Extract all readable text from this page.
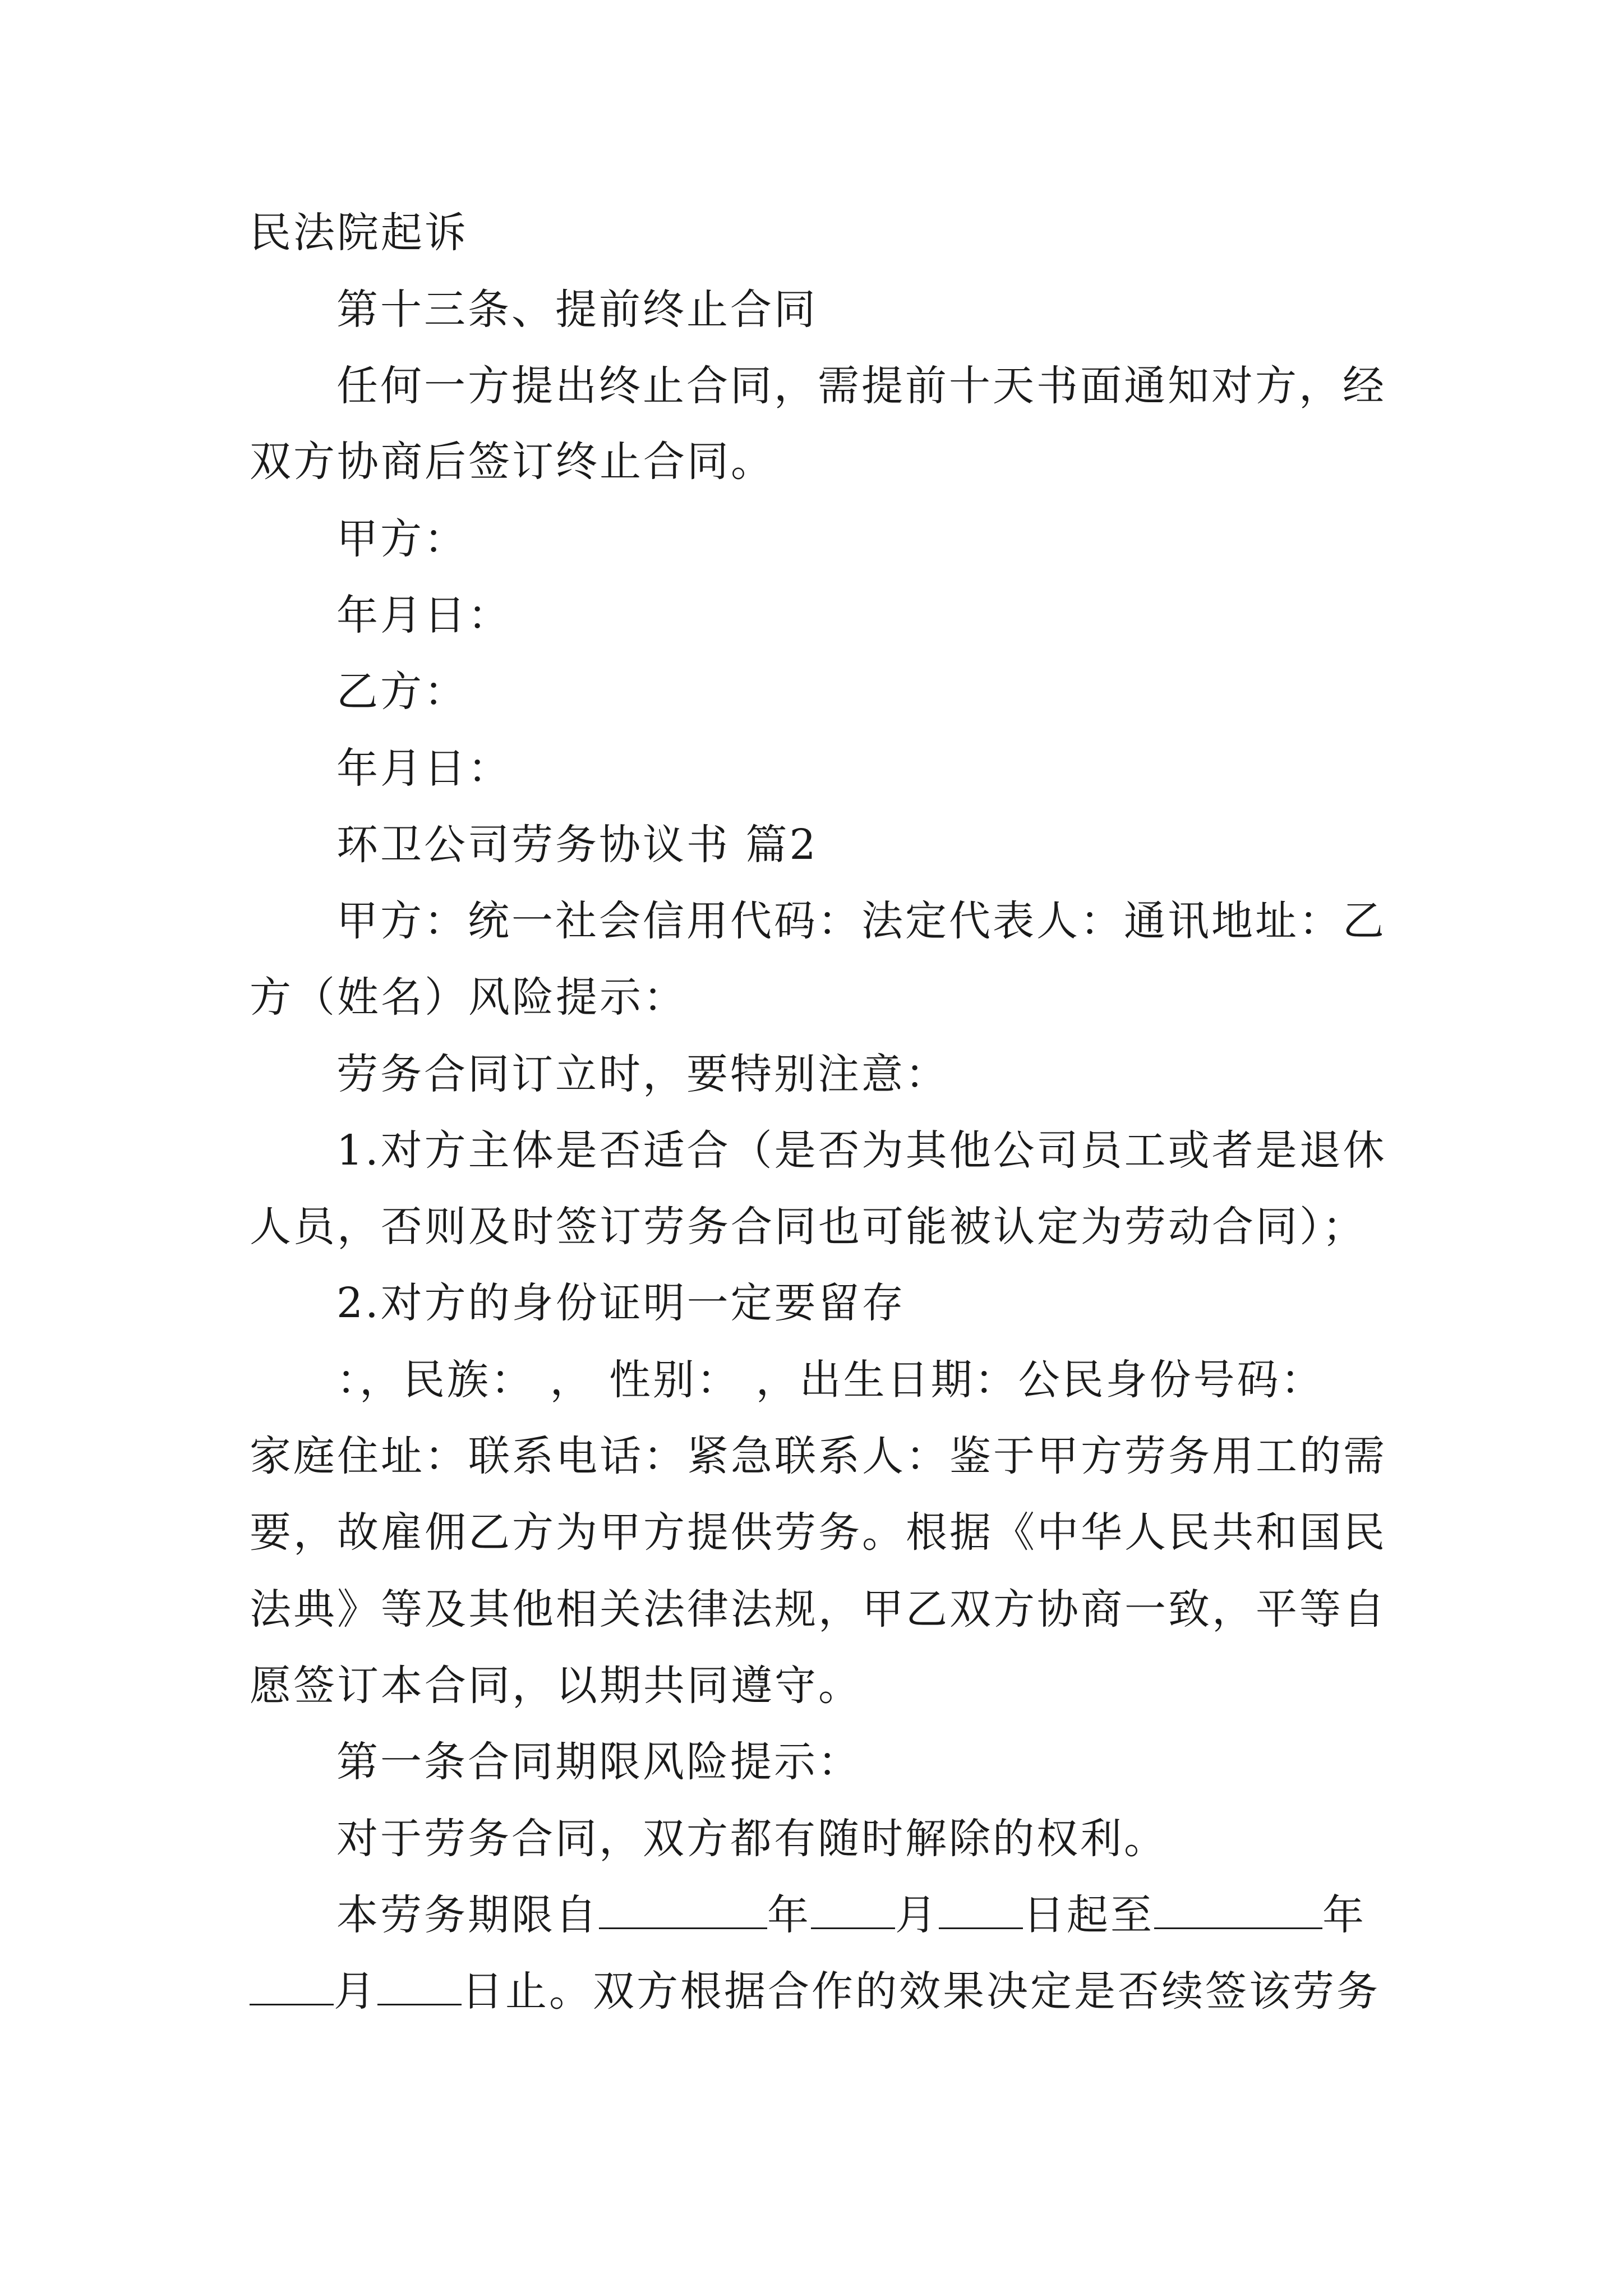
民法院起诉
第十三条、提前终止合同
任何一方提出终止合同，需提前十天书面通知对方，经
双方协商后签订终止合同。
甲方：
年月日：
乙方：
年月日：
环卫公司劳务协议书 篇2
甲方：统一社会信用代码：法定代表人：通讯地址：乙
方（姓名）风险提示：
劳务合同订立时，要特别注意：
1.对方主体是否适合（是否为其他公司员工或者是退休
人员，否则及时签订劳务合同也可能被认定为劳动合同）；
2.对方的身份证明一定要留存
：，民族： ， 性别： ，出生日期：公民身份号码：
家庭住址：联系电话：紧急联系人：鉴于甲方劳务用工的需
要，故雇佣乙方为甲方提供劳务。根据《中华人民共和国民
法典》等及其他相关法律法规，甲乙双方协商一致，平等自
愿签订本合同，以期共同遵守。
第一条合同期限风险提示：
对于劳务合同，双方都有随时解除的权利。
本劳务期限自	年 月 日起至	年
月 日止。双方根据合作的效果决定是否续签该劳务
